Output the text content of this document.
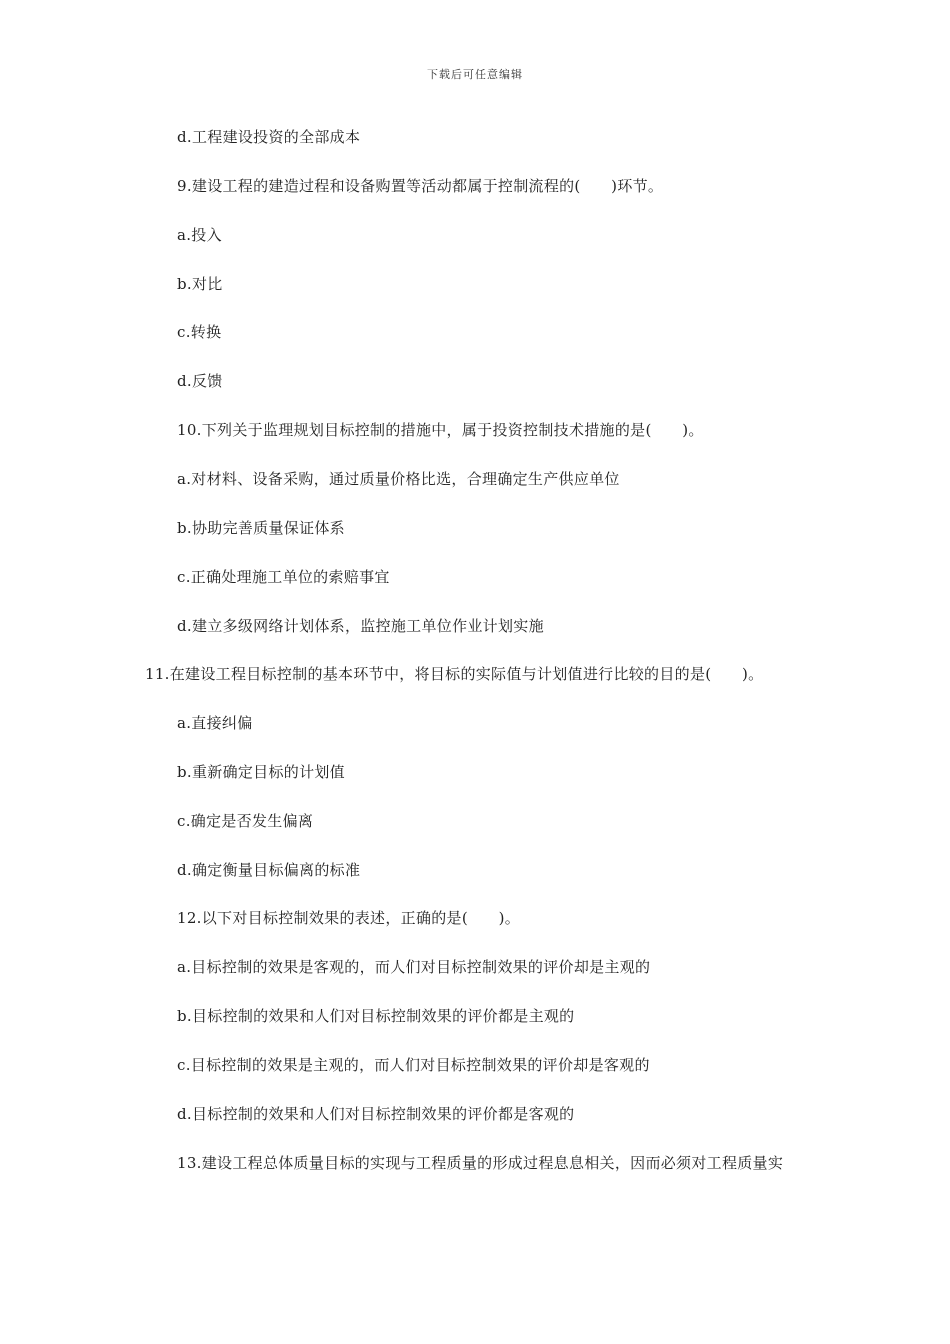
下载后可任意编辑
d.工程建设投资的全部成本
9.建设工程的建造过程和设备购置等活动都属于控制流程的(　　)环节。
a.投入
b.对比
c.转换
d.反馈
10.下列关于监理规划目标控制的措施中，属于投资控制技术措施的是(　　)。
a.对材料、设备采购，通过质量价格比选，合理确定生产供应单位
b.协助完善质量保证体系
c.正确处理施工单位的索赔事宜
d.建立多级网络计划体系，监控施工单位作业计划实施
11.在建设工程目标控制的基本环节中，将目标的实际值与计划值进行比较的目的是(　　)。
a.直接纠偏
b.重新确定目标的计划值
c.确定是否发生偏离
d.确定衡量目标偏离的标准
12.以下对目标控制效果的表述，正确的是(　　)。
a.目标控制的效果是客观的，而人们对目标控制效果的评价却是主观的
b.目标控制的效果和人们对目标控制效果的评价都是主观的
c.目标控制的效果是主观的，而人们对目标控制效果的评价却是客观的
d.目标控制的效果和人们对目标控制效果的评价都是客观的
13.建设工程总体质量目标的实现与工程质量的形成过程息息相关，因而必须对工程质量实
